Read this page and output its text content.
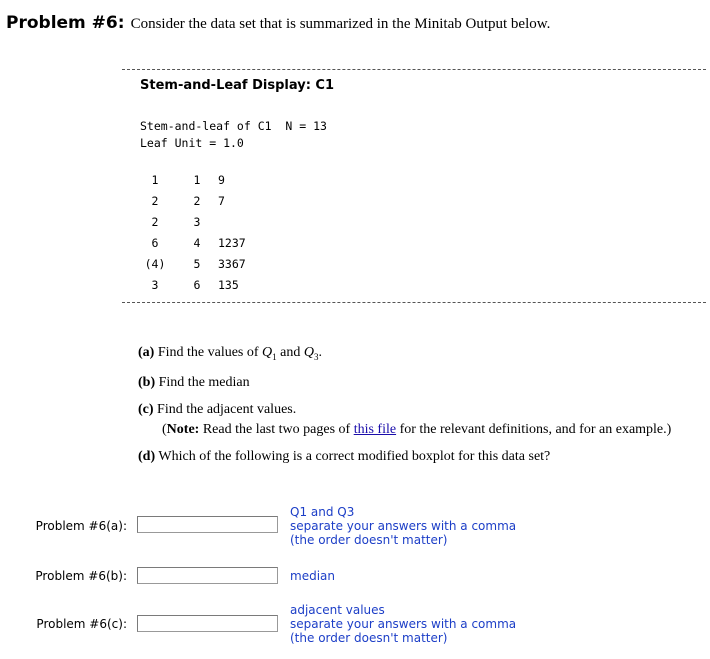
Problem #6: Consider the data set that is summarized in the Minitab Output below.
Stem-and-Leaf Display: C1
Stem-and-leaf of C1  N = 13
Leaf Unit = 1.0
1	1	9
2	2	7
2	3
6	4	1237
(4)	5	3367
3	6	135
(a) Find the values of $Q_1$ and $Q_3$.
(b) Find the median
(c) Find the adjacent values.
(Note: Read the last two pages of this file for the relevant definitions, and for an example.)
(d) Which of the following is a correct modified boxplot for this data set?
Problem #6(a):
Q1 and Q3
separate your answers with a comma
(the order doesn't matter)
Problem #6(b):	median
Problem #6(c):
adjacent values
separate your answers with a comma
(the order doesn't matter)
